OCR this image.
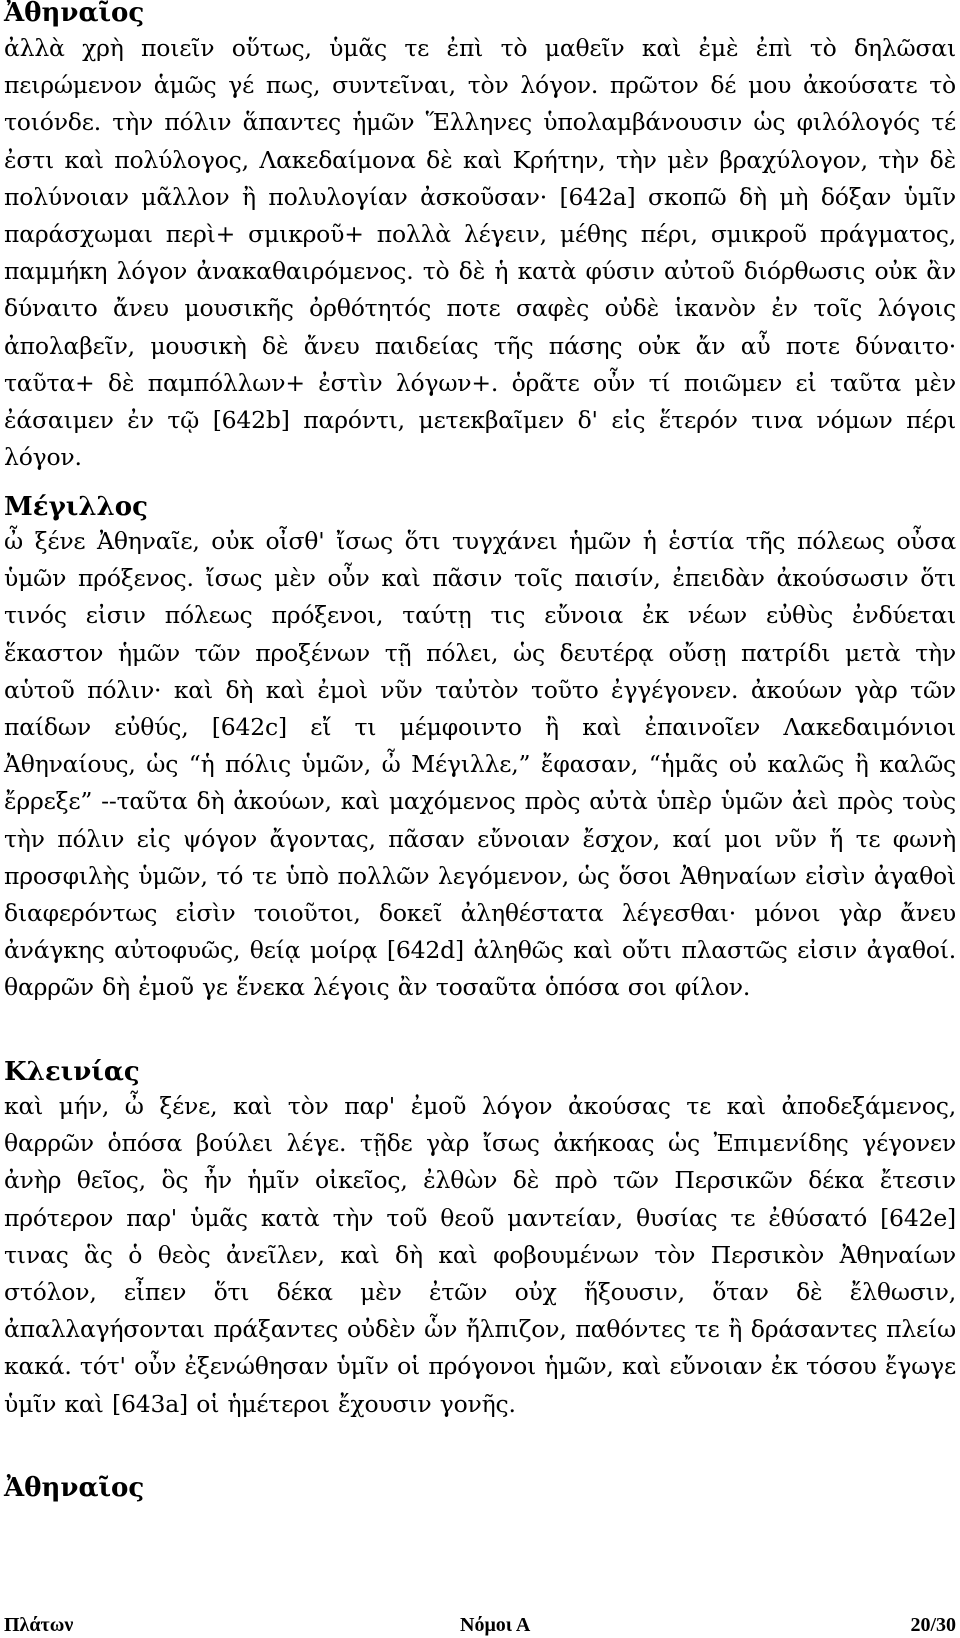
Ἀθηναῖος
ἀλλὰ χρὴ ποιεῖν οὕτως, ὑμᾶς τε ἐπὶ τὸ μαθεῖν καὶ ἐμὲ ἐπὶ τὸ δηλῶσαι πειρώμενον ἁμῶς γέ πως, συντεῖναι, τὸν λόγον. πρῶτον δέ μου ἀκούσατε τὸ τοιόνδε. τὴν πόλιν ἅπαντες ἡμῶν Ἕλληνες ὑπολαμβάνουσιν ὡς φιλόλογός τέ ἐστι καὶ πολύλογος, Λακεδαίμονα δὲ καὶ Κρήτην, τὴν μὲν βραχύλογον, τὴν δὲ πολύνοιαν μᾶλλον ἢ πολυλογίαν ἀσκοῦσαν· [642a] σκοπῶ δὴ μὴ δόξαν ὑμῖν παράσχωμαι περὶ+ σμικροῦ+ πολλὰ λέγειν, μέθης πέρι, σμικροῦ πράγματος, παμμήκη λόγον ἀνακαθαιρόμενος. τὸ δὲ ἡ κατὰ φύσιν αὐτοῦ διόρθωσις οὐκ ἂν δύναιτο ἄνευ μουσικῆς ὀρθότητός ποτε σαφὲς οὐδὲ ἱκανὸν ἐν τοῖς λόγοις ἀπολαβεῖν, μουσικὴ δὲ ἄνευ παιδείας τῆς πάσης οὐκ ἄν αὖ ποτε δύναιτο· ταῦτα+ δὲ παμπόλλων+ ἐστὶν λόγων+. ὁρᾶτε οὖν τί ποιῶμεν εἰ ταῦτα μὲν ἐάσαιμεν ἐν τῷ [642b] παρόντι, μετεκβαῖμεν δ' εἰς ἕτερόν τινα νόμων πέρι λόγον.
Μέγιλλος
ὦ ξένε Ἀθηναῖε, οὐκ οἶσθ' ἴσως ὅτι τυγχάνει ἡμῶν ἡ ἑστία τῆς πόλεως οὖσα ὑμῶν πρόξενος. ἴσως μὲν οὖν καὶ πᾶσιν τοῖς παισίν, ἐπειδὰν ἀκούσωσιν ὅτι τινός εἰσιν πόλεως πρόξενοι, ταύτῃ τις εὔνοια ἐκ νέων εὐθὺς ἐνδύεται ἕκαστον ἡμῶν τῶν προξένων τῇ πόλει, ὡς δευτέρᾳ οὔσῃ πατρίδι μετὰ τὴν αὑτοῦ πόλιν· καὶ δὴ καὶ ἐμοὶ νῦν ταὐτὸν τοῦτο ἐγγέγονεν. ἀκούων γὰρ τῶν παίδων εὐθύς, [642c] εἴ τι μέμφοιντο ἢ καὶ ἐπαινοῖεν Λακεδαιμόνιοι Ἀθηναίους, ὡς “ἡ πόλις ὑμῶν, ὦ Μέγιλλε,” ἔφασαν, “ἡμᾶς οὐ καλῶς ἢ καλῶς ἔρρεξε” --ταῦτα δὴ ἀκούων, καὶ μαχόμενος πρὸς αὐτὰ ὑπὲρ ὑμῶν ἀεὶ πρὸς τοὺς τὴν πόλιν εἰς ψόγον ἄγοντας, πᾶσαν εὔνοιαν ἔσχον, καί μοι νῦν ἥ τε φωνὴ προσφιλὴς ὑμῶν, τό τε ὑπὸ πολλῶν λεγόμενον, ὡς ὅσοι Ἀθηναίων εἰσὶν ἀγαθοὶ διαφερόντως εἰσὶν τοιοῦτοι, δοκεῖ ἀληθέστατα λέγεσθαι· μόνοι γὰρ ἄνευ ἀνάγκης αὐτοφυῶς, θείᾳ μοίρᾳ [642d] ἀληθῶς καὶ οὔτι πλαστῶς εἰσιν ἀγαθοί. θαρρῶν δὴ ἐμοῦ γε ἕνεκα λέγοις ἂν τοσαῦτα ὁπόσα σοι φίλον.
Κλεινίας
καὶ μήν, ὦ ξένε, καὶ τὸν παρ' ἐμοῦ λόγον ἀκούσας τε καὶ ἀποδεξάμενος, θαρρῶν ὁπόσα βούλει λέγε. τῇδε γὰρ ἴσως ἀκήκοας ὡς Ἐπιμενίδης γέγονεν ἀνὴρ θεῖος, ὃς ἦν ἡμῖν οἰκεῖος, ἐλθὼν δὲ πρὸ τῶν Περσικῶν δέκα ἔτεσιν πρότερον παρ' ὑμᾶς κατὰ τὴν τοῦ θεοῦ μαντείαν, θυσίας τε ἐθύσατό [642e] τινας ἃς ὁ θεὸς ἀνεῖλεν, καὶ δὴ καὶ φοβουμένων τὸν Περσικὸν Ἀθηναίων στόλον, εἶπεν ὅτι δέκα μὲν ἐτῶν οὐχ ἥξουσιν, ὅταν δὲ ἔλθωσιν, ἀπαλλαγήσονται πράξαντες οὐδὲν ὧν ἤλπιζον, παθόντες τε ἢ δράσαντες πλείω κακά. τότ' οὖν ἐξενώθησαν ὑμῖν οἱ πρόγονοι ἡμῶν, καὶ εὔνοιαν ἐκ τόσου ἔγωγε ὑμῖν καὶ [643a] οἱ ἡμέτεροι ἔχουσιν γονῆς.
Ἀθηναῖος
Πλάτων	Νόμοι Α	20/30
